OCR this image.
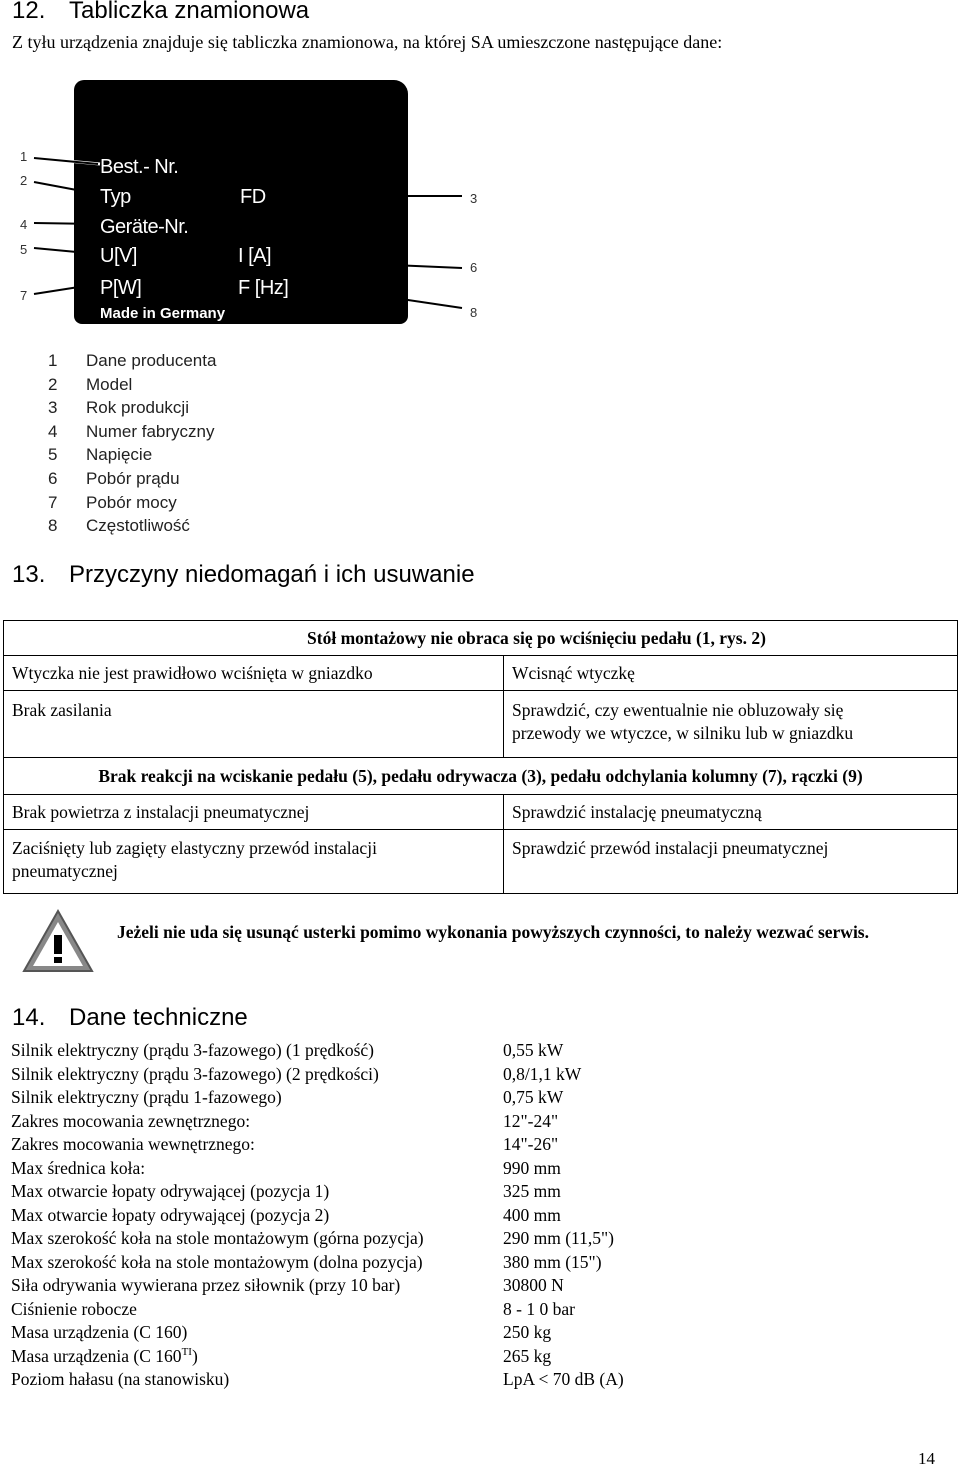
12. Tabliczka znamionowa
Z tyłu urządzenia znajduje się tabliczka znamionowa, na której SA umieszczone następujące dane:
Best.- Nr.
Typ	FD
Geräte-Nr.
U[V]	I [A]
P[W]	F [Hz]
Made in Germany
1
2
3
4
5
6
7
8
1 Dane producenta
2 Model
3 Rok produkcji
4 Numer fabryczny
5 Napięcie
6 Pobór prądu
7 Pobór mocy
8 Częstotliwość
13. Przyczyny niedomagań i ich usuwanie
Stół montażowy nie obraca się po wciśnięciu pedału (1, rys. 2)	
Wtyczka nie jest prawidłowo wciśnięta w gniazdko	Wcisnąć wtyczkę
Brak zasilania	Sprawdzić, czy ewentualnie nie obluzowały się przewody we wtyczce, w silniku lub w gniazdku
Brak reakcji na wciskanie pedału (5), pedału odrywacza (3), pedału odchylania kolumny (7), rączki (9)	
Brak powietrza z instalacji pneumatycznej	Sprawdzić instalację pneumatyczną
Zaciśnięty lub zagięty elastyczny przewód instalacji pneumatycznej	Sprawdzić przewód instalacji pneumatycznej
Jeżeli nie uda się usunąć usterki pomimo wykonania powyższych czynności, to należy wezwać serwis.
14. Dane techniczne
Silnik elektryczny (prądu 3-fazowego) (1 prędkość)	0,55 kW
Silnik elektryczny (prądu 3-fazowego) (2 prędkości)	0,8/1,1 kW
Silnik elektryczny (prądu 1-fazowego)	0,75 kW
Zakres mocowania zewnętrznego:	12"-24"
Zakres mocowania wewnętrznego:	14"-26"
Max średnica koła:	990 mm
Max otwarcie łopaty odrywającej (pozycja 1)	325 mm
Max otwarcie łopaty odrywającej (pozycja 2)	400 mm
Max szerokość koła na stole montażowym (górna pozycja)	290 mm (11,5")
Max szerokość koła na stole montażowym (dolna pozycja)	380 mm (15")
Siła odrywania wywierana przez siłownik (przy 10 bar)	30800 N
Ciśnienie robocze	8 - 1 0 bar
Masa urządzenia (C 160)	250 kg
Masa urządzenia (C $160^{TI}$)	265 kg
Poziom hałasu (na stanowisku)	LpA < 70 dB (A)
14
